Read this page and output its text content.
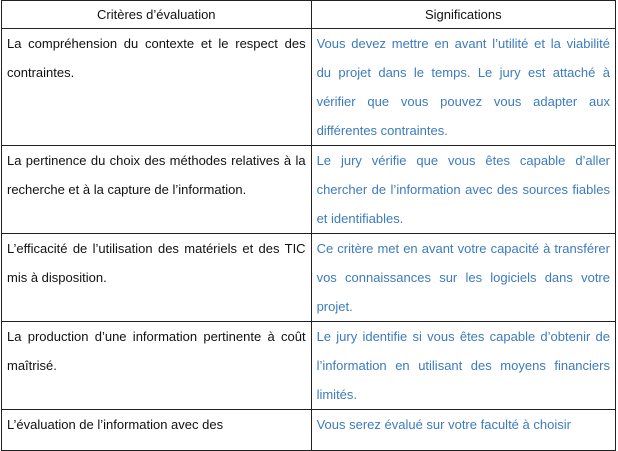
Critères d’évaluation	Significations
La compréhension du contexte et le respect des contraintes.	Vous devez mettre en avant l’utilité et la viabilité du projet dans le temps. Le jury est attaché à vérifier que vous pouvez vous adapter aux différentes contraintes.
La pertinence du choix des méthodes relatives à la recherche et à la capture de l’information.	Le jury vérifie que vous êtes capable d’aller chercher de l’information avec des sources fiables et identifiables.
L’efficacité de l’utilisation des matériels et des TIC mis à disposition.	Ce critère met en avant votre capacité à transférer vos connaissances sur les logiciels dans votre projet.
La production d’une information pertinente à coût maîtrisé.	Le jury identifie si vous êtes capable d’obtenir de l’information en utilisant des moyens financiers limités.
L’évaluation de l’information avec des	Vous serez évalué sur votre faculté à choisir
